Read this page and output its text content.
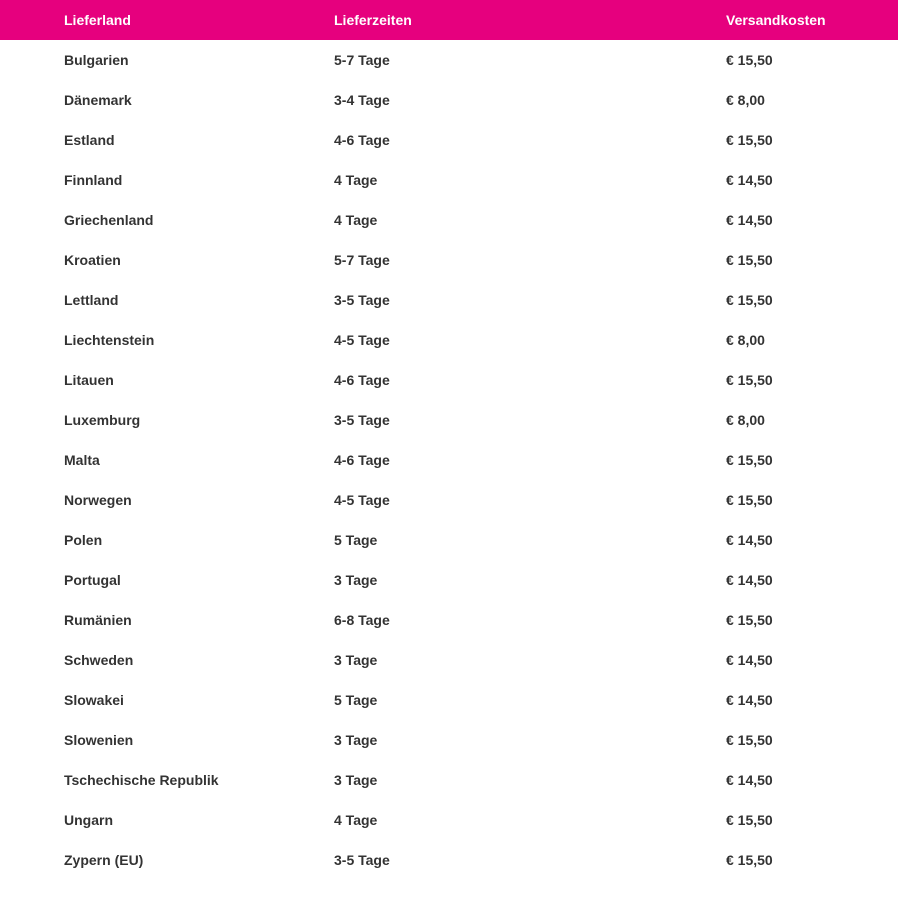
Lieferland	Lieferzeiten	Versandkosten
Bulgarien	5-7 Tage	€ 15,50
Dänemark	3-4 Tage	€ 8,00
Estland	4-6 Tage	€ 15,50
Finnland	4 Tage	€ 14,50
Griechenland	4 Tage	€ 14,50
Kroatien	5-7 Tage	€ 15,50
Lettland	3-5 Tage	€ 15,50
Liechtenstein	4-5 Tage	€ 8,00
Litauen	4-6 Tage	€ 15,50
Luxemburg	3-5 Tage	€ 8,00
Malta	4-6 Tage	€ 15,50
Norwegen	4-5 Tage	€ 15,50
Polen	5 Tage	€ 14,50
Portugal	3 Tage	€ 14,50
Rumänien	6-8 Tage	€ 15,50
Schweden	3 Tage	€ 14,50
Slowakei	5 Tage	€ 14,50
Slowenien	3 Tage	€ 15,50
Tschechische Republik	3 Tage	€ 14,50
Ungarn	4 Tage	€ 15,50
Zypern (EU)	3-5 Tage	€ 15,50
